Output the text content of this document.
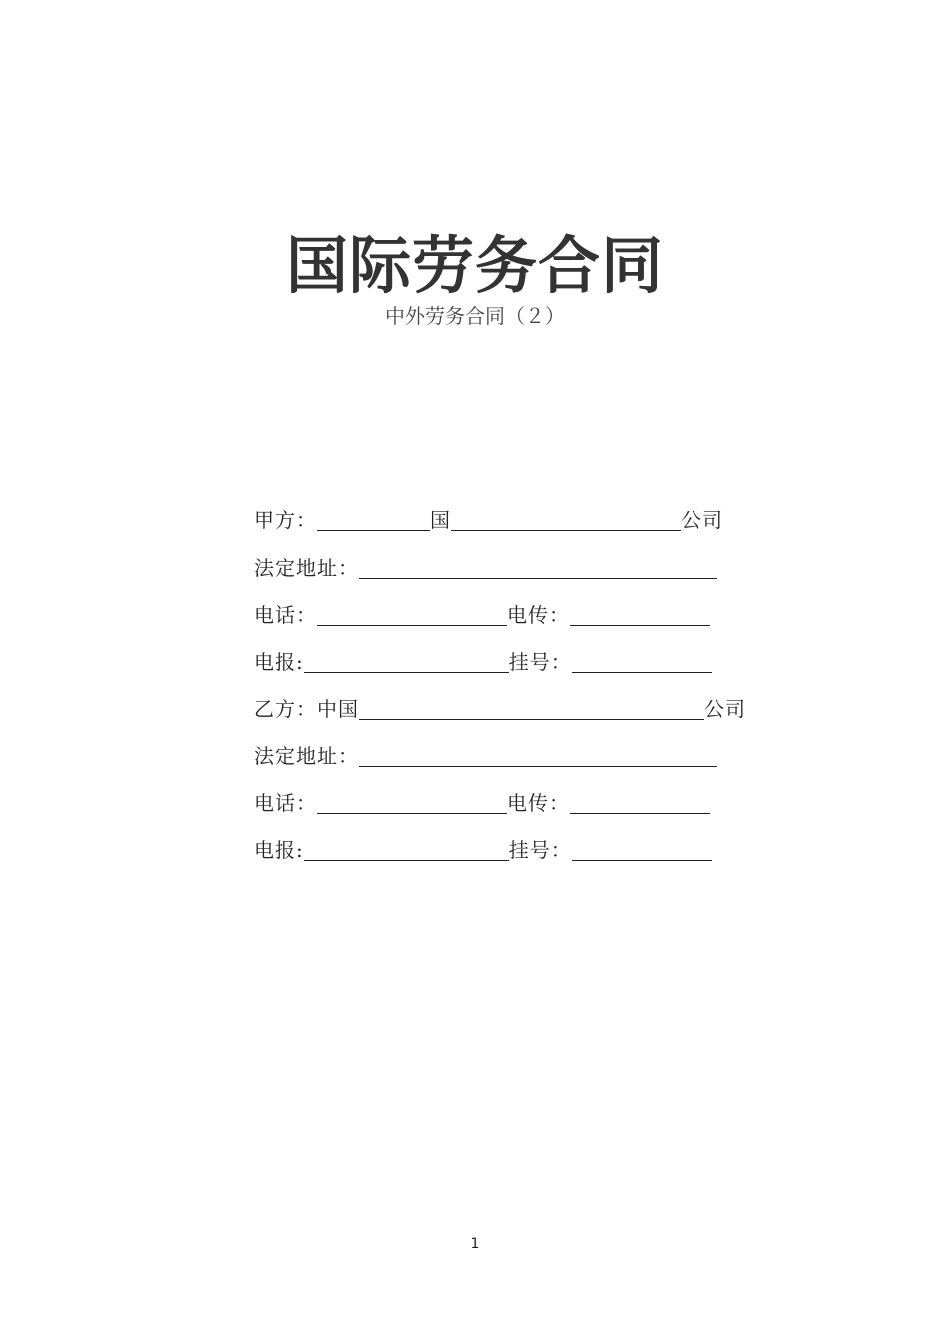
国际劳务合同
中外劳务合同（２）
甲方：	国	公司
法定地址：
电话：	电传：
电报:	挂号：
乙方：中国	公司
法定地址：
电话：	电传：
电报:	挂号：
1
